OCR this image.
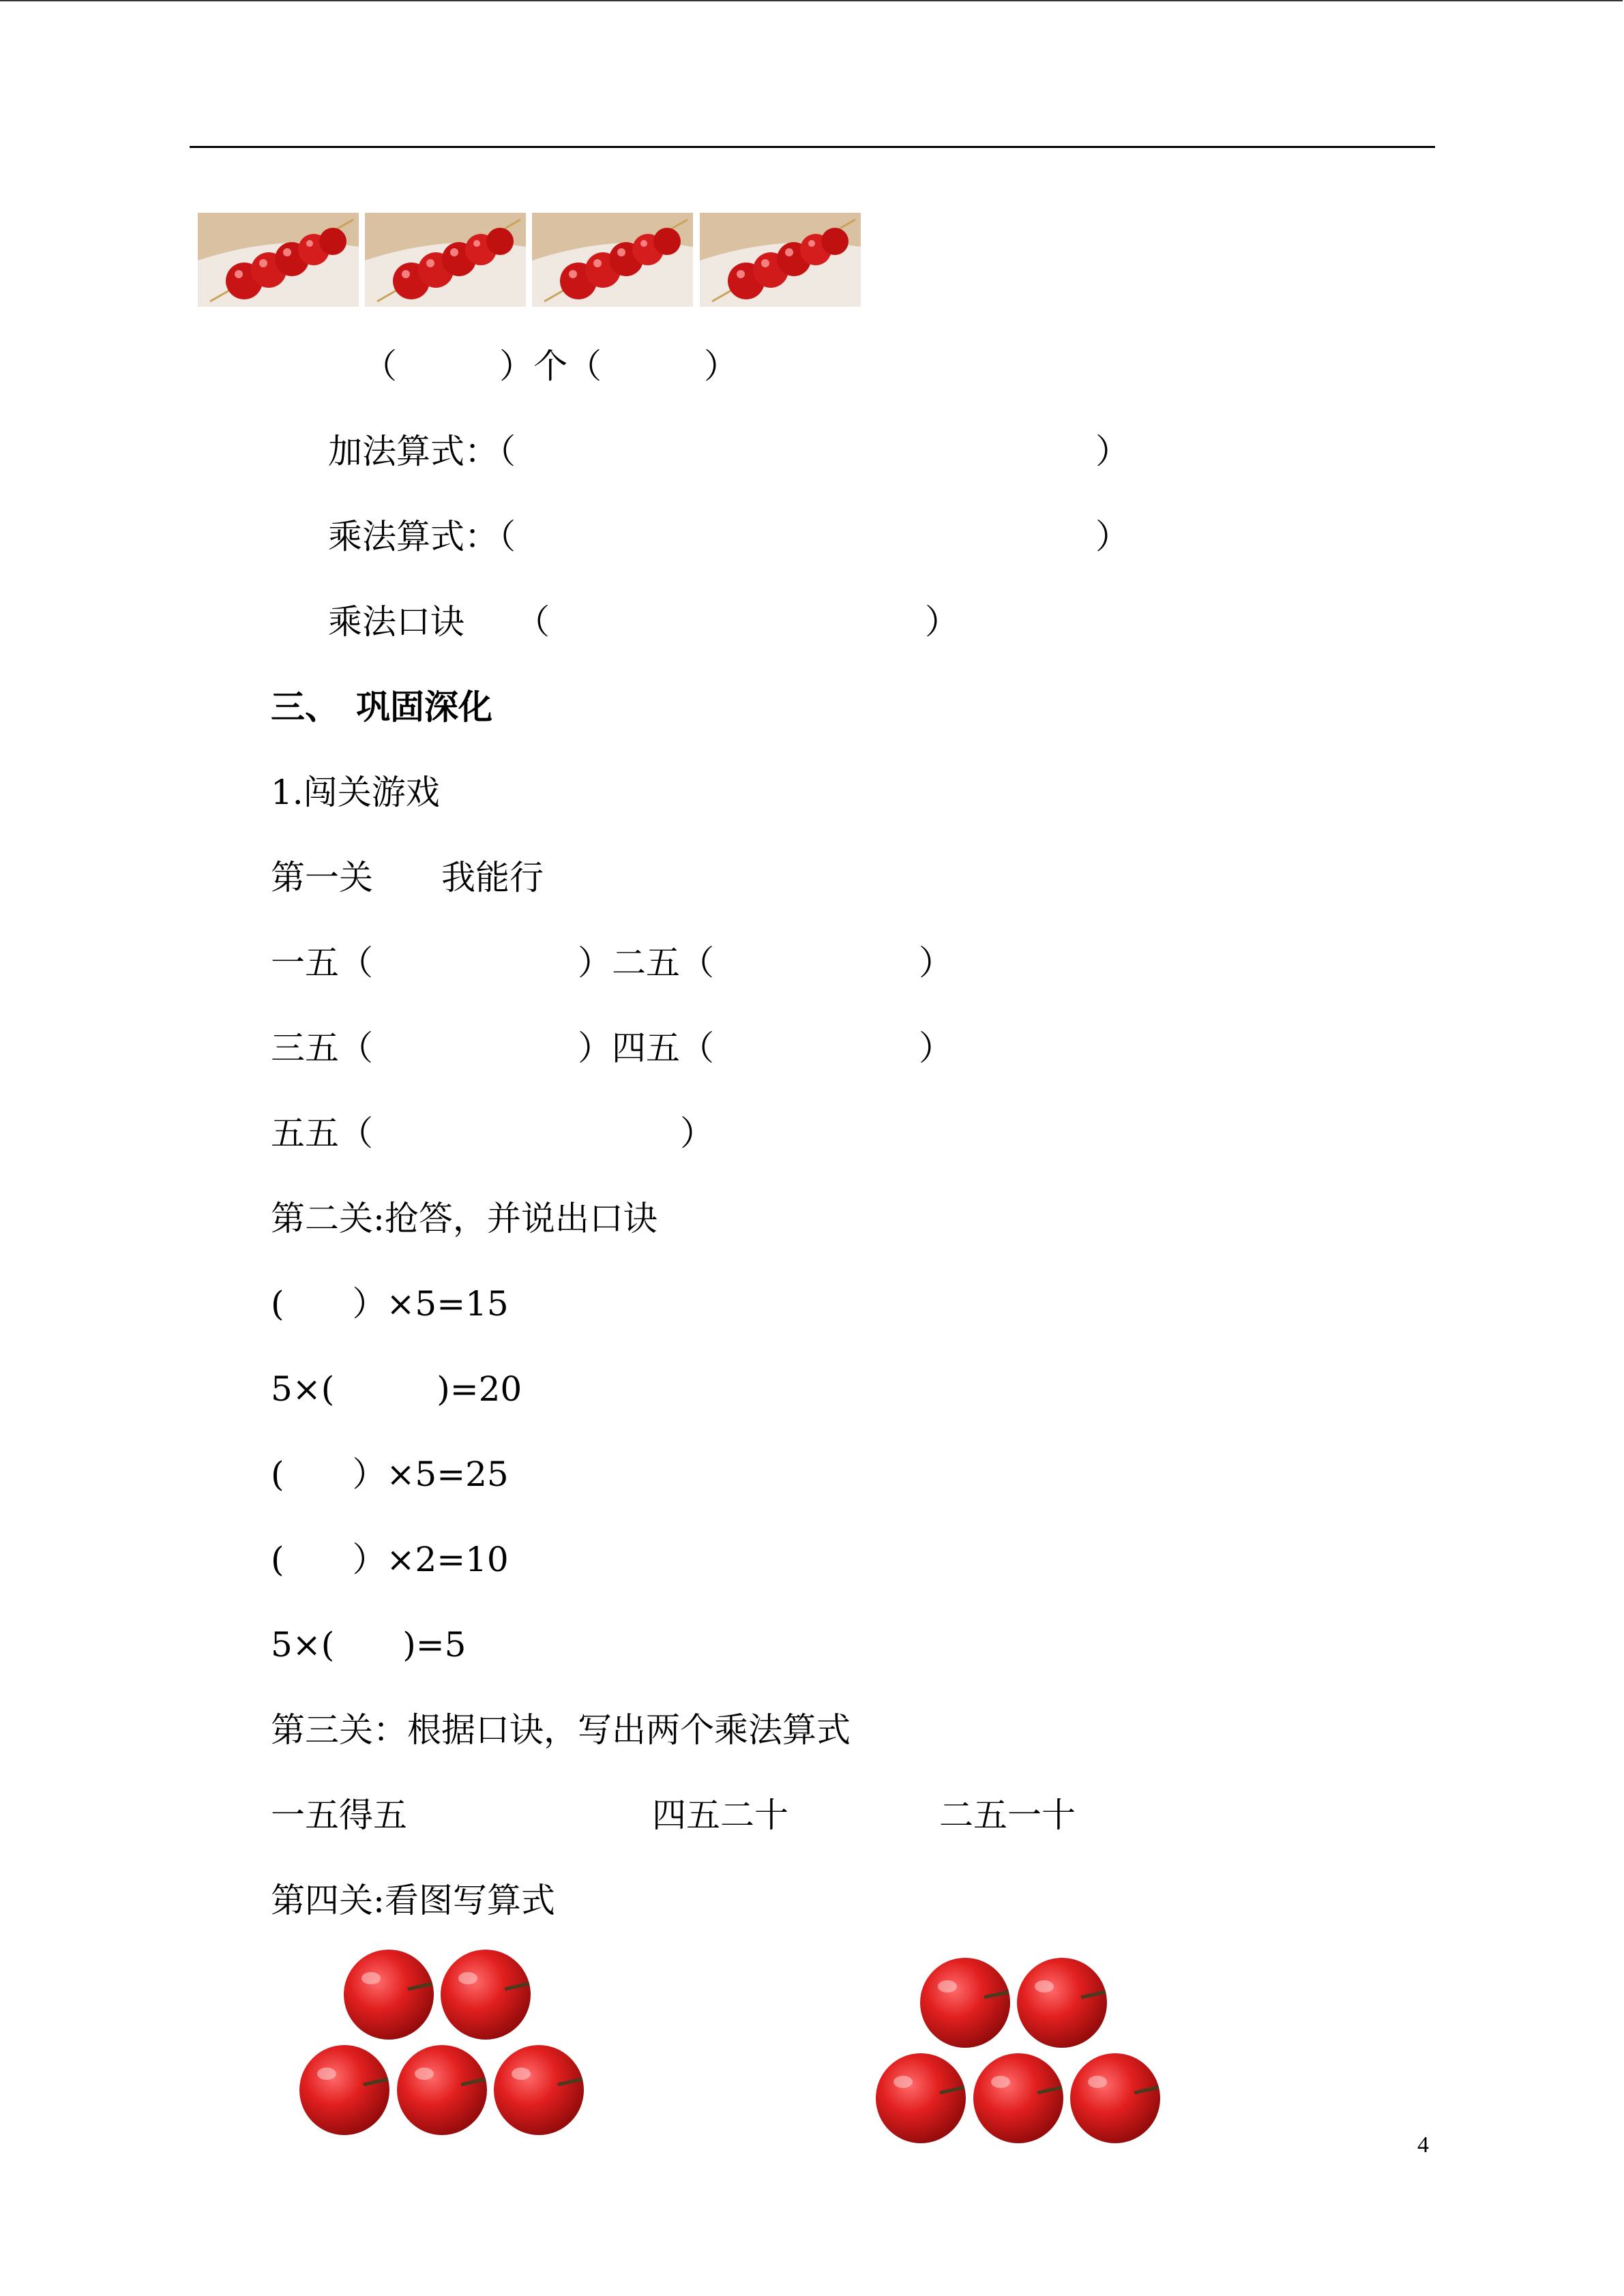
（　　　）个（　　　）
加法算式：（　　　　　　　　　　　　　　　　　）
乘法算式：（　　　　　　　　　　　　　　　　　）
乘法口诀　　（　　　　　　　　　　　）
三、　巩固深化
1.闯关游戏
第一关　　我能行
一五（　　　　　　）二五（　　　　　　）
三五（　　　　　　）四五（　　　　　　）
五五（　　　　　　　　　）
第二关:抢答，并说出口诀
(　　）×5=15
5×(　　　)=20
(　　）×5=25
(　　）×2=10
5×(　　)=5
第三关：根据口诀，写出两个乘法算式
一五得五	四五二十	二五一十
第四关:看图写算式
4
